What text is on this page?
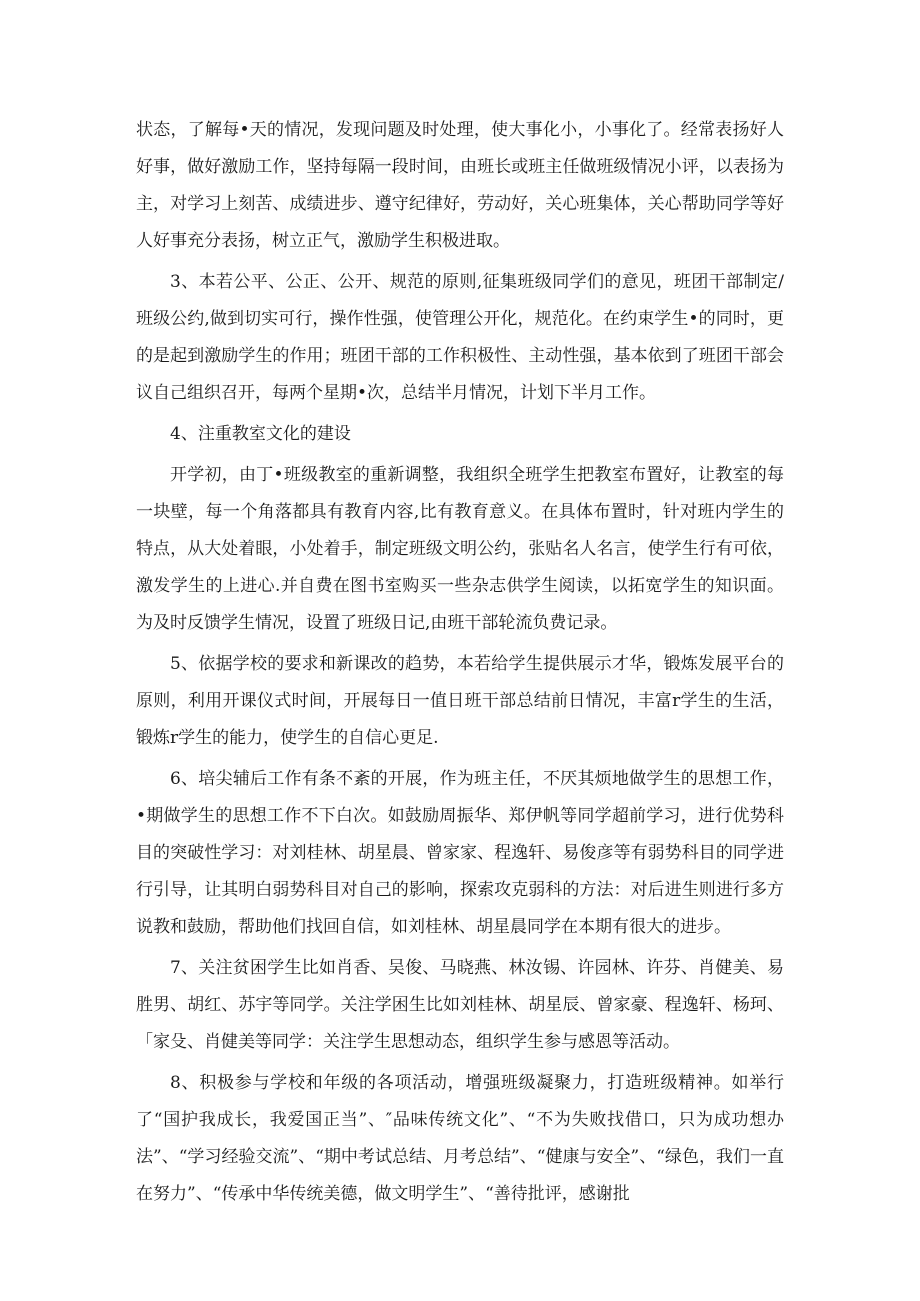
状态，了解每•天的情况，发现问题及时处理，使大事化小，小事化了。经常表扬好人好事，做好激励工作，坚持每隔一段时间，由班长或班主任做班级情况小评，以表扬为主，对学习上刻苦、成绩进步、遵守纪律好，劳动好，关心班集体，关心帮助同学等好人好事充分表扬，树立正气，激励学生积极进取。

3、本若公平、公正、公开、规范的原则,征集班级同学们的意见，班团干部制定/班级公约,做到切实可行，操作性强，使管理公开化，规范化。在约束学生•的同时，更的是起到激励学生的作用；班团干部的工作积极性、主动性强，基本依到了班团干部会议自己组织召开，每两个星期•次，总结半月情况，计划下半月工作。

4、注重教室文化的建设

开学初，由丁•班级教室的重新调整，我组织全班学生把教室布置好，让教室的每一块壁，每一个角落都具有教育内容,比有教育意义。在具体布置时，针对班内学生的特点，从大处着眼，小处着手，制定班级文明公约，张贴名人名言，使学生行有可依，激发学生的上进心.并自费在图书室购买一些杂志供学生阅读，以拓宽学生的知识面。为及时反馈学生情况，设置了班级日记,由班干部轮流负费记录。

5、依据学校的要求和新课改的趋势，本若给学生提供展示才华，锻炼发展平台的原则，利用开课仪式时间，开展每日一值日班干部总结前日情况，丰富r学生的生活，锻炼r学生的能力，使学生的自信心更足.

6、培尖辅后工作有条不紊的开展，作为班主任，不厌其烦地做学生的思想工作，•期做学生的思想工作不下白次。如鼓励周振华、郑伊帆等同学超前学习，进行优势科目的突破性学习：对刘桂林、胡星晨、曾家家、程逸轩、易俊彦等有弱势科目的同学进行引导，让其明白弱势科目对自己的影响，探索攻克弱科的方法：对后进生则进行多方说教和鼓励，帮助他们找回自信，如刘桂林、胡星晨同学在本期有很大的进步。

7、关注贫困学生比如肖香、吴俊、马晓燕、林汝锡、许园林、许芬、肖健美、易胜男、胡红、苏宇等同学。关注学困生比如刘桂林、胡星辰、曾家豪、程逸轩、杨珂、「家殳、肖健美等同学：关注学生思想动态，组织学生参与感恩等活动。

8、积极参与学校和年级的各项活动，增强班级凝聚力，打造班级精神。如举行了“国护我成长，我爱国正当”、″品味传统文化”、“不为失败找借口，只为成功想办法”、“学习经验交流”、“期中考试总结、月考总结”、“健康与安全”、“绿色，我们一直在努力”、“传承中华传统美德，做文明学生”、“善待批评，感谢批
